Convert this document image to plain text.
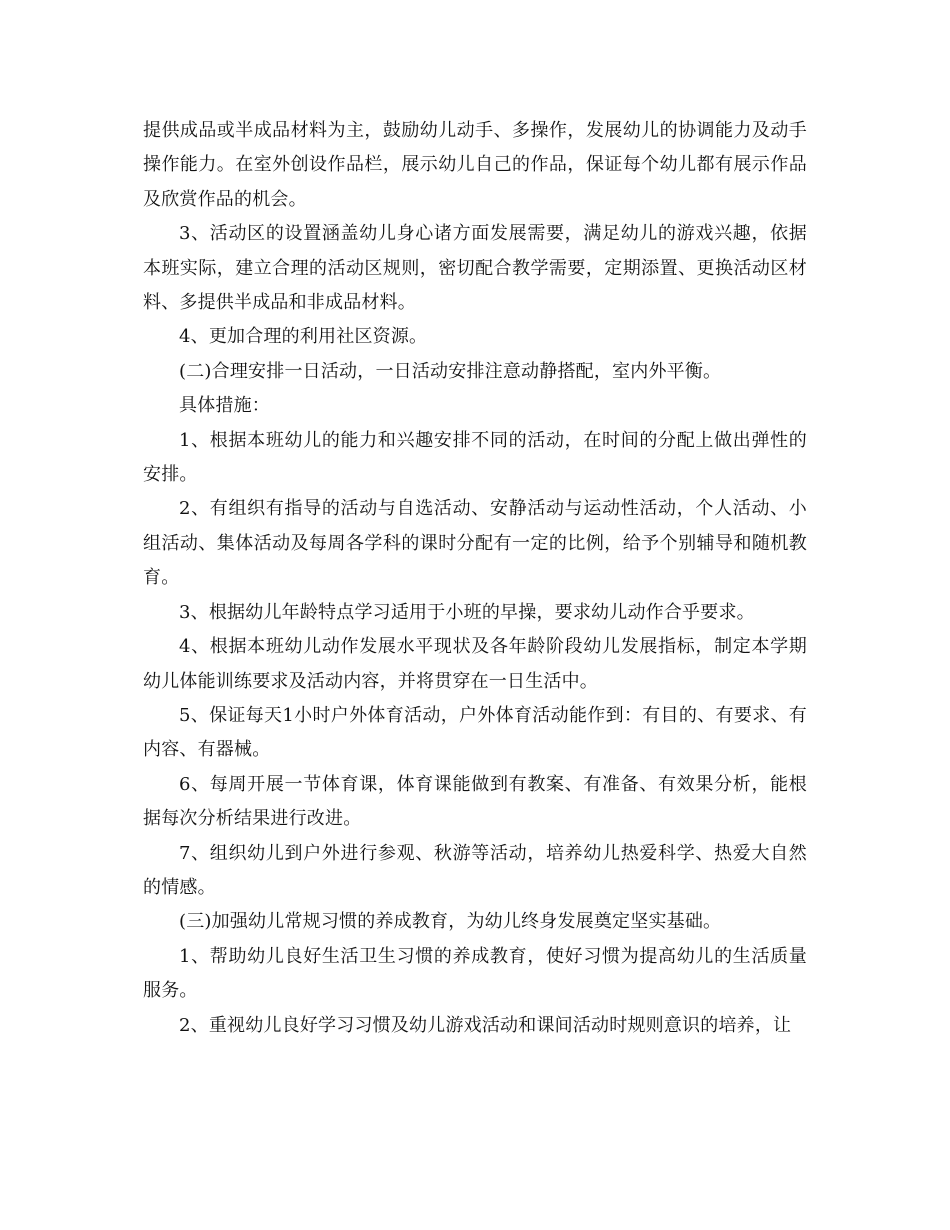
提供成品或半成品材料为主，鼓励幼儿动手、多操作，发展幼儿的协调能力及动手操作能力。在室外创设作品栏，展示幼儿自己的作品，保证每个幼儿都有展示作品及欣赏作品的机会。

3、活动区的设置涵盖幼儿身心诸方面发展需要，满足幼儿的游戏兴趣，依据本班实际，建立合理的活动区规则，密切配合教学需要，定期添置、更换活动区材料、多提供半成品和非成品材料。

4、更加合理的利用社区资源。

(二)合理安排一日活动，一日活动安排注意动静搭配，室内外平衡。

具体措施：

1、根据本班幼儿的能力和兴趣安排不同的活动，在时间的分配上做出弹性的安排。

2、有组织有指导的活动与自选活动、安静活动与运动性活动，个人活动、小组活动、集体活动及每周各学科的课时分配有一定的比例，给予个别辅导和随机教育。

3、根据幼儿年龄特点学习适用于小班的早操，要求幼儿动作合乎要求。

4、根据本班幼儿动作发展水平现状及各年龄阶段幼儿发展指标，制定本学期幼儿体能训练要求及活动内容，并将贯穿在一日生活中。

5、保证每天1小时户外体育活动，户外体育活动能作到：有目的、有要求、有内容、有器械。

6、每周开展一节体育课，体育课能做到有教案、有准备、有效果分析，能根据每次分析结果进行改进。

7、组织幼儿到户外进行参观、秋游等活动，培养幼儿热爱科学、热爱大自然的情感。

(三)加强幼儿常规习惯的养成教育，为幼儿终身发展奠定坚实基础。

1、帮助幼儿良好生活卫生习惯的养成教育，使好习惯为提高幼儿的生活质量服务。

2、重视幼儿良好学习习惯及幼儿游戏活动和课间活动时规则意识的培养，让
